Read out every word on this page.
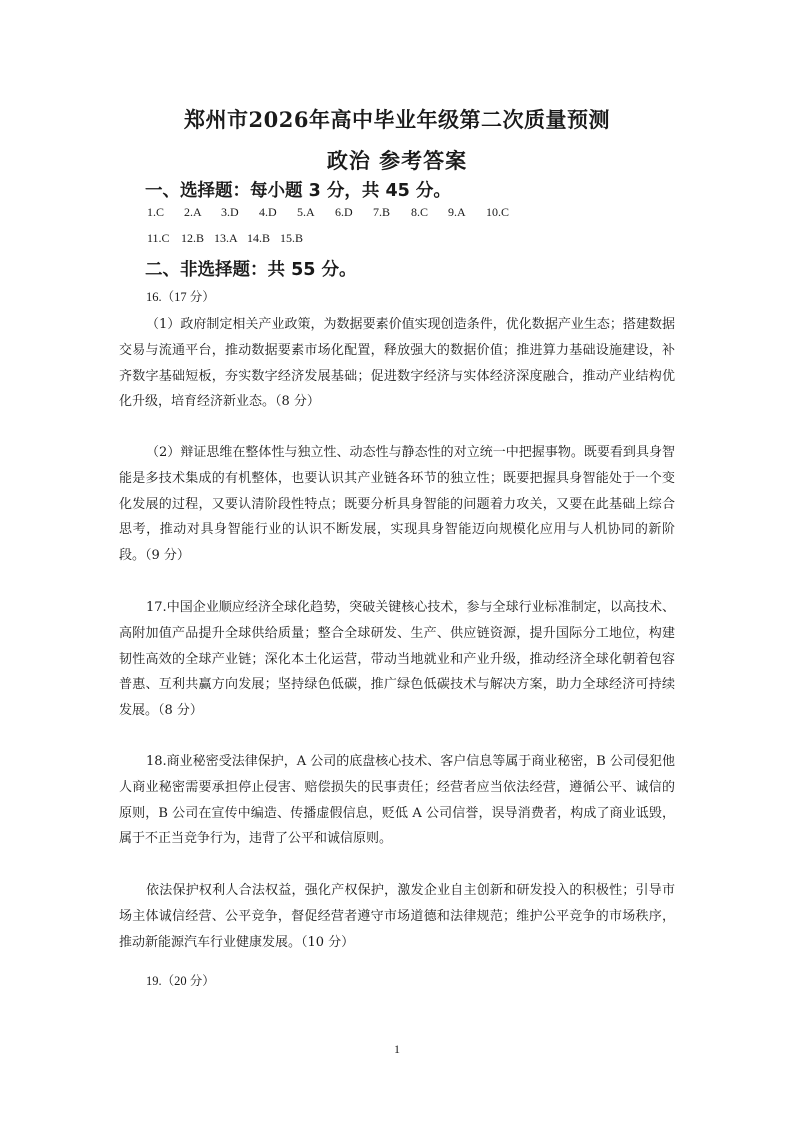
郑州市2026年高中毕业年级第二次质量预测
政治 参考答案
一、选择题：每小题 3 分，共 45 分。
1.C 2.A 3.D 4.D 5.A 6.D 7.B 8.C 9.A 10.C
11.C 12.B 13.A 14.B 15.B
二、非选择题：共 55 分。
16.（17 分）
（1）政府制定相关产业政策，为数据要素价值实现创造条件，优化数据产业生态；搭建数据交易与流通平台，推动数据要素市场化配置，释放强大的数据价值；推进算力基础设施建设，补齐数字基础短板，夯实数字经济发展基础；促进数字经济与实体经济深度融合，推动产业结构优化升级，培育经济新业态。（8 分）
（2）辩证思维在整体性与独立性、动态性与静态性的对立统一中把握事物。既要看到具身智能是多技术集成的有机整体，也要认识其产业链各环节的独立性；既要把握具身智能处于一个变化发展的过程，又要认清阶段性特点；既要分析具身智能的问题着力攻关，又要在此基础上综合思考，推动对具身智能行业的认识不断发展，实现具身智能迈向规模化应用与人机协同的新阶段。（9 分）
17.中国企业顺应经济全球化趋势，突破关键核心技术，参与全球行业标准制定，以高技术、高附加值产品提升全球供给质量；整合全球研发、生产、供应链资源，提升国际分工地位，构建韧性高效的全球产业链；深化本土化运营，带动当地就业和产业升级，推动经济全球化朝着包容普惠、互利共赢方向发展；坚持绿色低碳，推广绿色低碳技术与解决方案，助力全球经济可持续发展。（8 分）
18.商业秘密受法律保护，A 公司的底盘核心技术、客户信息等属于商业秘密，B 公司侵犯他人商业秘密需要承担停止侵害、赔偿损失的民事责任；经营者应当依法经营，遵循公平、诚信的原则，B 公司在宣传中编造、传播虚假信息，贬低 A 公司信誉，误导消费者，构成了商业诋毁，属于不正当竞争行为，违背了公平和诚信原则。
依法保护权利人合法权益，强化产权保护，激发企业自主创新和研发投入的积极性；引导市场主体诚信经营、公平竞争，督促经营者遵守市场道德和法律规范；维护公平竞争的市场秩序，推动新能源汽车行业健康发展。（10 分）
19.（20 分）
1
